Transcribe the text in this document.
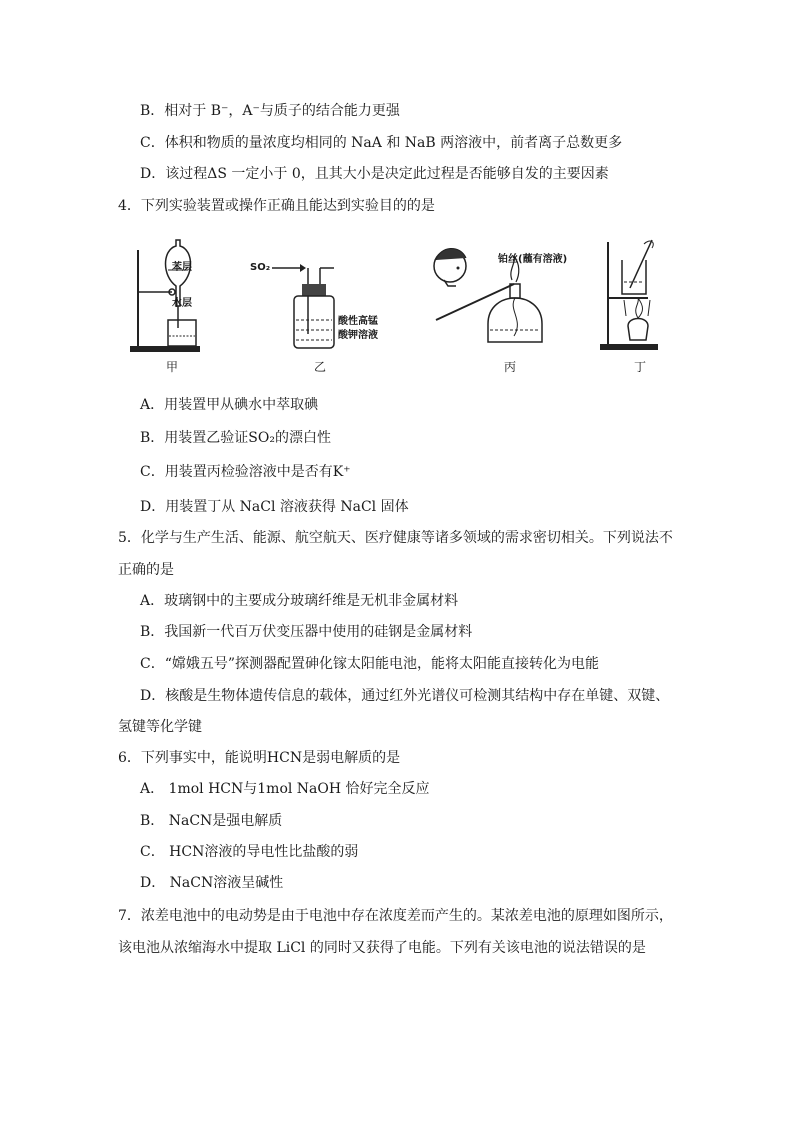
B．相对于 B⁻，A⁻与质子的结合能力更强
C．体积和物质的量浓度均相同的 NaA 和 NaB 两溶液中，前者离子总数更多
D．该过程ΔS 一定小于 0，且其大小是决定此过程是否能够自发的主要因素
4．下列实验装置或操作正确且能达到实验目的的是
苯层
水层
甲
SO₂
酸性高锰
酸钾溶液
乙
铂丝(蘸有溶液)
丙	丁
A．用装置甲从碘水中萃取碘
B．用装置乙验证SO₂的漂白性
C．用装置丙检验溶液中是否有K⁺
D．用装置丁从 NaCl 溶液获得 NaCl 固体
5．化学与生产生活、能源、航空航天、医疗健康等诸多领域的需求密切相关。下列说法不
正确的是
A．玻璃钢中的主要成分玻璃纤维是无机非金属材料
B．我国新一代百万伏变压器中使用的硅钢是金属材料
C．“嫦娥五号”探测器配置砷化镓太阳能电池，能将太阳能直接转化为电能
D．核酸是生物体遗传信息的载体，通过红外光谱仪可检测其结构中存在单键、双键、
氢键等化学键
6．下列事实中，能说明HCN是弱电解质的是
A． 1mol HCN与1mol NaOH 恰好完全反应
B． NaCN是强电解质
C． HCN溶液的导电性比盐酸的弱
D． NaCN溶液呈碱性
7．浓差电池中的电动势是由于电池中存在浓度差而产生的。某浓差电池的原理如图所示，
该电池从浓缩海水中提取 LiCl 的同时又获得了电能。下列有关该电池的说法错误的是
